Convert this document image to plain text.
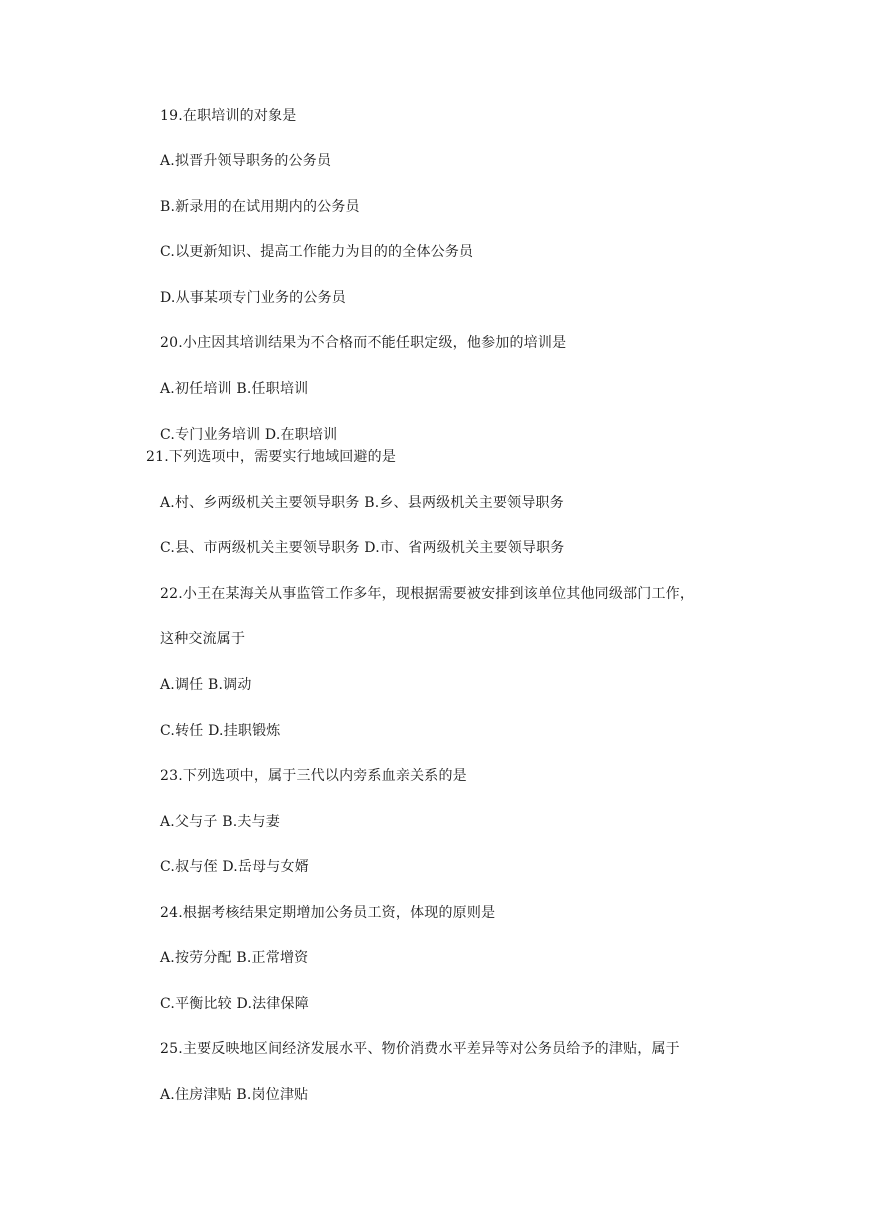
19.在职培训的对象是
A.拟晋升领导职务的公务员
B.新录用的在试用期内的公务员
C.以更新知识、提高工作能力为目的的全体公务员
D.从事某项专门业务的公务员
20.小庄因其培训结果为不合格而不能任职定级，他参加的培训是
A.初任培训 B.任职培训
C.专门业务培训 D.在职培训
21.下列选项中，需要实行地域回避的是
A.村、乡两级机关主要领导职务 B.乡、县两级机关主要领导职务
C.县、市两级机关主要领导职务 D.市、省两级机关主要领导职务
22.小王在某海关从事监管工作多年，现根据需要被安排到该单位其他同级部门工作，
这种交流属于
A.调任 B.调动
C.转任 D.挂职锻炼
23.下列选项中，属于三代以内旁系血亲关系的是
A.父与子 B.夫与妻
C.叔与侄 D.岳母与女婿
24.根据考核结果定期增加公务员工资，体现的原则是
A.按劳分配 B.正常增资
C.平衡比较 D.法律保障
25.主要反映地区间经济发展水平、物价消费水平差异等对公务员给予的津贴，属于
A.住房津贴 B.岗位津贴
